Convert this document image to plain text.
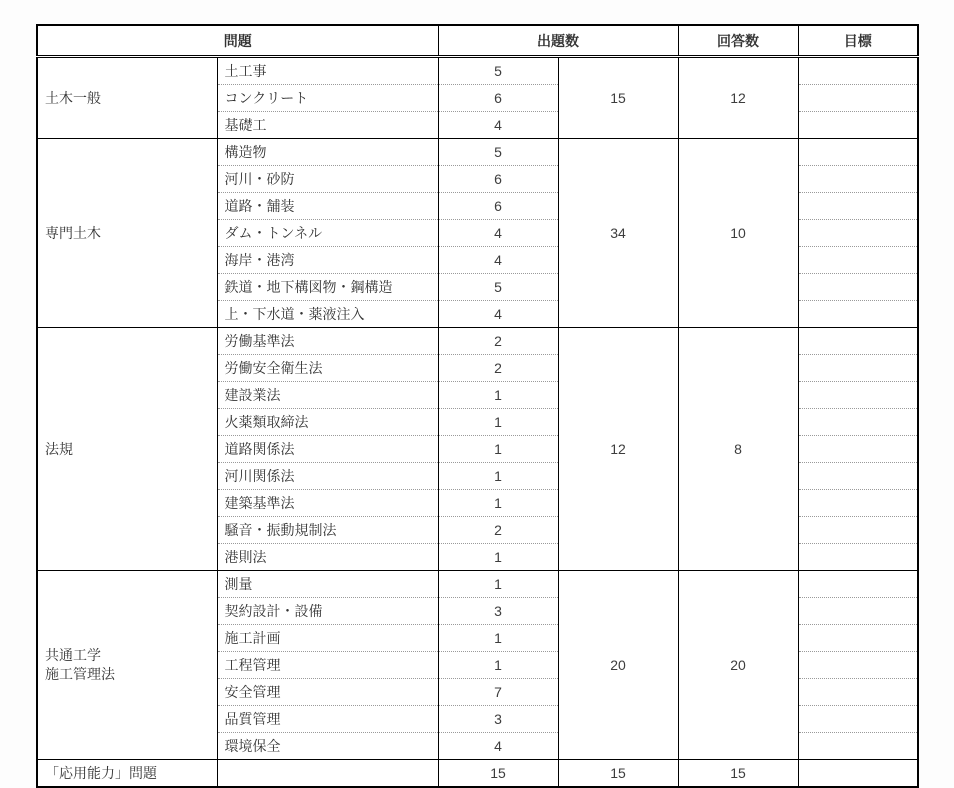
問題		出題数		回答数	目標

土木一般	土工事	5	15	12	
	コンクリート	6			
	基礎工	4			

専門土木	構造物	5	34	10	
	河川・砂防	6			
	道路・舗装	6			
	ダム・トンネル	4			
	海岸・港湾	4			
	鉄道・地下構図物・鋼構造	5			
	上・下水道・薬液注入	4			

法規	労働基準法	2	12	8	
	労働安全衛生法	2			
	建設業法	1			
	火薬類取締法	1			
	道路関係法	1			
	河川関係法	1			
	建築基準法	1			
	騒音・振動規制法	2			
	港則法	1			

共通工学
施工管理法	測量	1	20	20	
	契約設計・設備	3			
	施工計画	1			
	工程管理	1			
	安全管理	7			
	品質管理	3			
	環境保全	4			
「応用能力」問題		15	15	15	
